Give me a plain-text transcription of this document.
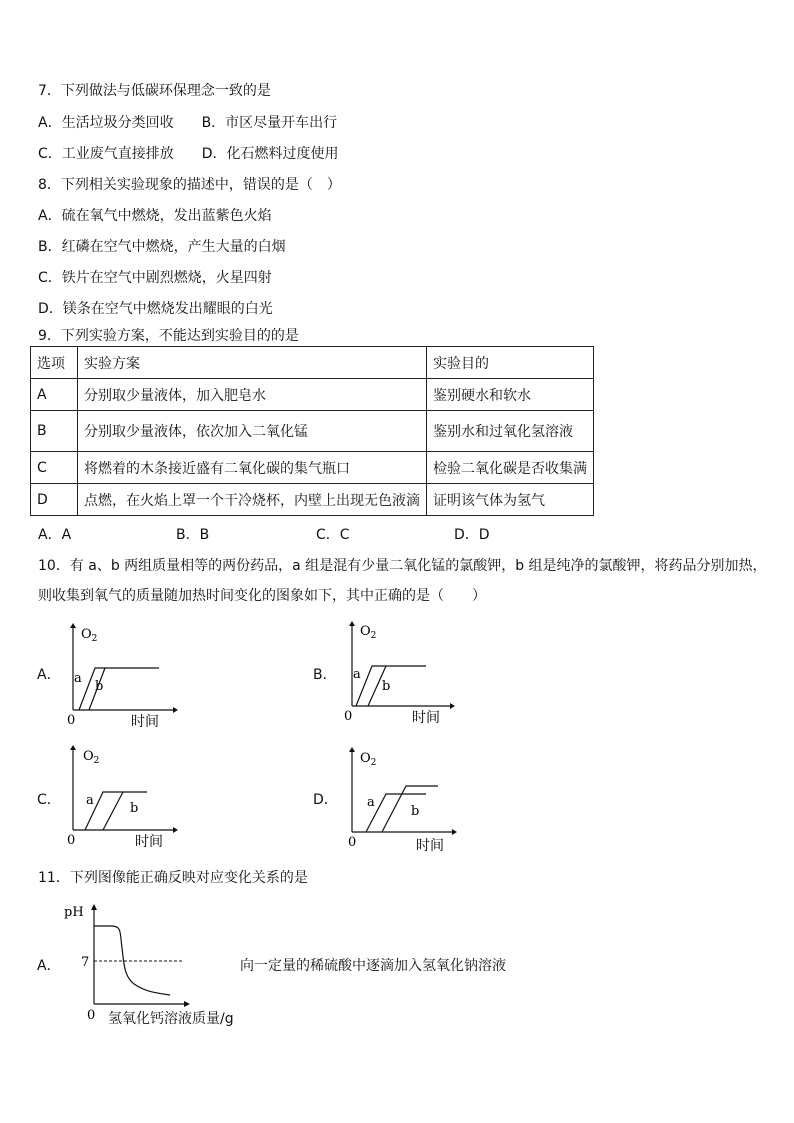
7．下列做法与低碳环保理念一致的是
A．生活垃圾分类回收 B．市区尽量开车出行
C．工业废气直接排放 D．化石燃料过度使用
8．下列相关实验现象的描述中，错误的是（　）
A．硫在氧气中燃烧，发出蓝紫色火焰
B．红磷在空气中燃烧，产生大量的白烟
C．铁片在空气中剧烈燃烧，火星四射
D．镁条在空气中燃烧发出耀眼的白光
9．下列实验方案，不能达到实验目的的是
选项	实验方案	实验目的
A	分别取少量液体，加入肥皂水	鉴别硬水和软水
B	分别取少量液体，依次加入二氧化锰	鉴别水和过氧化氢溶液
C	将燃着的木条接近盛有二氧化碳的集气瓶口	检验二氧化碳是否收集满
D	点燃，在火焰上罩一个干冷烧杯，内壁上出现无色液滴	证明该气体为氢气
A．A	B．B	C．C	D．D
10．有 a、b 两组质量相等的两份药品，a 组是混有少量二氧化锰的氯酸钾，b 组是纯净的氯酸钾，将药品分别加热，
则收集到氧气的质量随加热时间变化的图象如下，其中正确的是（　　）
A．
$O_2$
a
b
0	时间
B．
$O_2$
a
b
0	时间
C．
$O_2$
a
b
0	时间
D．
$O_2$
a
b
0	时间
11．下列图像能正确反映对应变化关系的是
A．
pH
7
0 氢氧化钙溶液质量/g
向一定量的稀硫酸中逐滴加入氢氧化钠溶液
